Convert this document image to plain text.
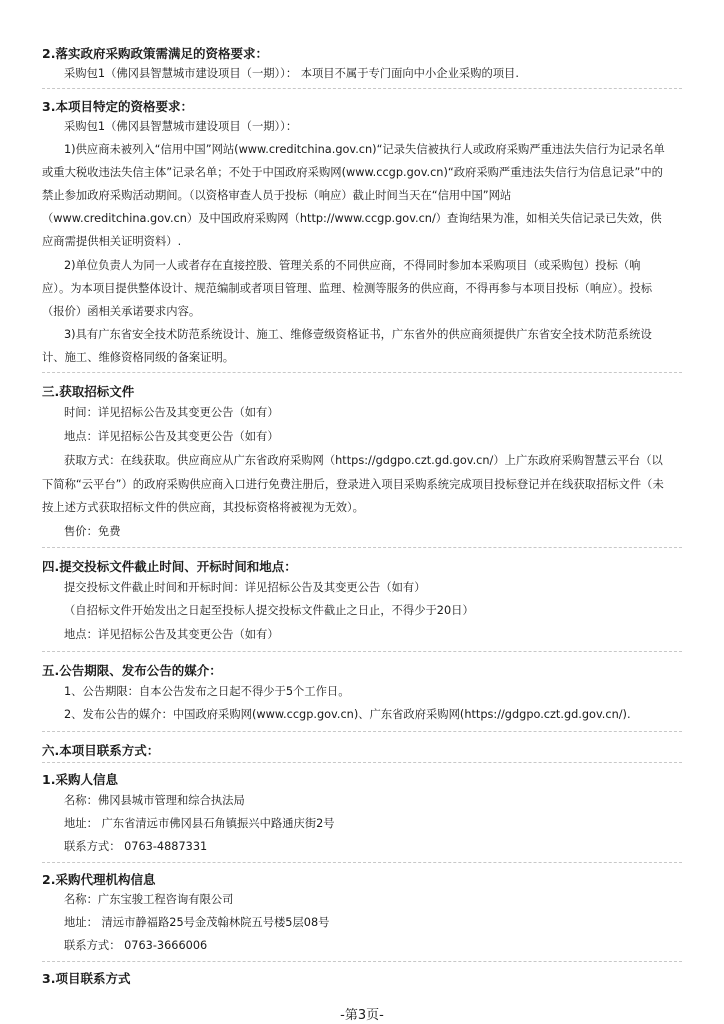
2.落实政府采购政策需满足的资格要求：
采购包1（佛冈县智慧城市建设项目（一期））： 本项目不属于专门面向中小企业采购的项目.
3.本项目特定的资格要求：
采购包1（佛冈县智慧城市建设项目（一期））：
1)供应商未被列入“信用中国”网站(www.creditchina.gov.cn)“记录失信被执行人或政府采购严重违法失信行为记录名单
或重大税收违法失信主体”记录名单；不处于中国政府采购网(www.ccgp.gov.cn)“政府采购严重违法失信行为信息记录”中的
禁止参加政府采购活动期间。（以资格审查人员于投标（响应）截止时间当天在“信用中国”网站
（www.creditchina.gov.cn）及中国政府采购网（http://www.ccgp.gov.cn/）查询结果为准，如相关失信记录已失效，供
应商需提供相关证明资料）.
2)单位负责人为同一人或者存在直接控股、管理关系的不同供应商，不得同时参加本采购项目（或采购包）投标（响
应）。为本项目提供整体设计、规范编制或者项目管理、监理、检测等服务的供应商，不得再参与本项目投标（响应）。投标
（报价）函相关承诺要求内容。
3)具有广东省安全技术防范系统设计、施工、维修壹级资格证书，广东省外的供应商须提供广东省安全技术防范系统设
计、施工、维修资格同级的备案证明。
三.获取招标文件
时间：详见招标公告及其变更公告（如有）
地点：详见招标公告及其变更公告（如有）
获取方式：在线获取。供应商应从广东省政府采购网（https://gdgpo.czt.gd.gov.cn/）上广东政府采购智慧云平台（以
下简称“云平台”）的政府采购供应商入口进行免费注册后，登录进入项目采购系统完成项目投标登记并在线获取招标文件（未
按上述方式获取招标文件的供应商，其投标资格将被视为无效）。
售价：免费
四.提交投标文件截止时间、开标时间和地点：
提交投标文件截止时间和开标时间：详见招标公告及其变更公告（如有）
（自招标文件开始发出之日起至投标人提交投标文件截止之日止，不得少于20日）
地点：详见招标公告及其变更公告（如有）
五.公告期限、发布公告的媒介：
1、公告期限：自本公告发布之日起不得少于5个工作日。
2、发布公告的媒介：中国政府采购网(www.ccgp.gov.cn)、广东省政府采购网(https://gdgpo.czt.gd.gov.cn/).
六.本项目联系方式：
1.采购人信息
名称：佛冈县城市管理和综合执法局
地址： 广东省清远市佛冈县石角镇振兴中路通庆街2号
联系方式： 0763-4887331
2.采购代理机构信息
名称：广东宝骏工程咨询有限公司
地址： 清远市静福路25号金茂翰林院五号楼5层08号
联系方式： 0763-3666006
3.项目联系方式
-第3页-
